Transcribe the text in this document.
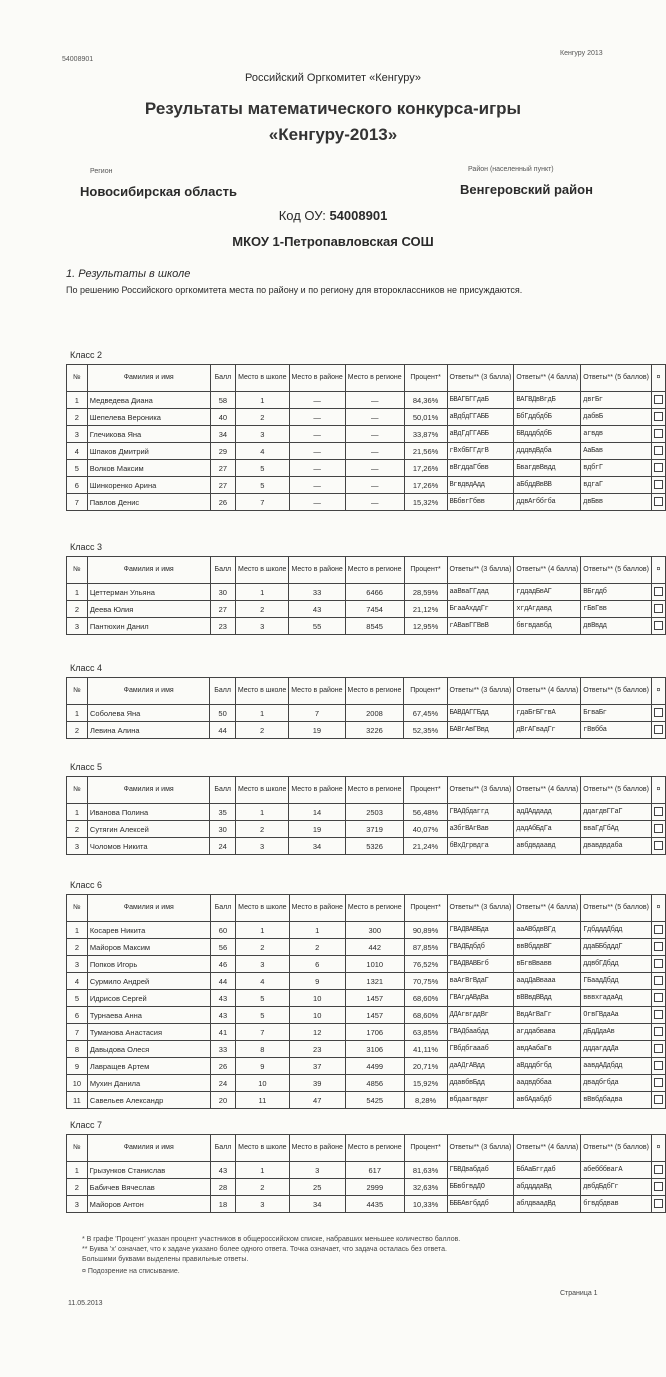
54008901
Кенгуру 2013
Российский Оргкомитет «Кенгуру»
Результаты математического конкурса-игры
«Кенгуру-2013»
Регион
Новосибирская область
Район (населенный пункт)
Венгеровский район
Код ОУ: 54008901
МКОУ 1-Петропавловская СОШ
1. Результаты в школе
По решению Российского оргкомитета места по району и по региону для второклассников не присуждаются.
Класс 2
№	Фамилия и имя	Балл	Место в школе	Место в районе	Место в регионе	Процент*	Ответы** (3 балла)	Ответы** (4 балла)	Ответы** (5 баллов)	¤
1	Медведева Диана	58	1	—	—	84,36%	БВАГБГГдаБ	ВАГВДвВгдБ	двгБг	
2	Шепелева Вероника	40	2	—	—	50,01%	аВдбдГГАББ	БбГддбдбБ	дабвБ	
3	Глечикова Яна	34	3	—	—	33,87%	аВдГдГГАББ	БВдддбдбБ	агвдв	
4	Шпаков Дмитрий	29	4	—	—	21,56%	гВхбБГГдгВ	дддвдВдба	АаБав	
5	Волков Максим	27	5	—	—	17,26%	вВгддаГбвв	БвагдвВвдд	вдбгГ	
6	Шинкоренко Арина	27	5	—	—	17,26%	ВгвдвдАдд	аБбддВвВВ	вдгаГ	
7	Павлов Денис	26	7	—	—	15,32%	ВБбвгГбвв	ддвАгббгба	двБвв	
Класс 3
№	Фамилия и имя	Балл	Место в школе	Место в районе	Место в регионе	Процент*	Ответы** (3 балла)	Ответы** (4 балла)	Ответы** (5 баллов)	¤
1	Цеттерман Ульяна	30	1	33	6466	28,59%	ааВваГГдад	гддадБвАГ	ВБгддб	
2	Деева Юлия	27	2	43	7454	21,12%	БгааАхддГг	хгдАгдавд	гБвГвв	
3	Пантюхин Данил	23	3	55	8545	12,95%	гАВавГГВвВ	бвгвдавбд	двВвдд	
Класс 4
№	Фамилия и имя	Балл	Место в школе	Место в районе	Место в регионе	Процент*	Ответы** (3 балла)	Ответы** (4 балла)	Ответы** (5 баллов)	¤
1	Соболева Яна	50	1	7	2008	67,45%	БАВДАГГБдд	гдаБгБГгвА	БгваБг	
2	Левина Алина	44	2	19	3226	52,35%	БАВгАвГВвд	дВгАГвадГг	гВвбба	
Класс 5
№	Фамилия и имя	Балл	Место в школе	Место в районе	Место в регионе	Процент*	Ответы** (3 балла)	Ответы** (4 балла)	Ответы** (5 баллов)	¤
1	Иванова Полина	35	1	14	2503	56,48%	ГВАДбдаггд	адДАддадд	ддагдвГГаГ	
2	Сутягин Алексей	30	2	19	3719	40,07%	аЗбгВАгВав	дадАбБдГа	вваГдГбАд	
3	Чоломов Никита	24	3	34	5326	21,24%	бВхДгрвдга	авбдвдаавд	двавдвдаба	
Класс 6
№	Фамилия и имя	Балл	Место в школе	Место в районе	Место в регионе	Процент*	Ответы** (3 балла)	Ответы** (4 балла)	Ответы** (5 баллов)	¤
1	Косарев Никита	60	1	1	300	90,89%	ГВАДВАВБда	ааАВбдвВГд	ГдбдддДбдд	
2	Майоров Максим	56	2	2	442	87,85%	ГВАДБдбдб	ввВбддвВГ	ддаББбдддГ	
3	Попков Игорь	46	3	6	1010	76,52%	ГВАДВАВБгб	вБгвВвавв	ддвбГДбдд	
4	Сурмило Андрей	44	4	9	1321	70,75%	ваАгВгВдаГ	аадДаВвааа	ГБаадДбдд	
5	Идрисов Сергей	43	5	10	1457	68,60%	ГВАгдАВдВа	вВВвдВВдд	вввхгадаАд	
6	Турнаева Анна	43	5	10	1457	68,60%	ДДАгвгддВг	ВвдАгВаГг	ОгвГВдаАа	
7	Туманова Анастасия	41	7	12	1706	63,85%	ГВАДбаабдд	агддабвава	дБдДдаАв	
8	Давыдова Олеся	33	8	23	3106	41,11%	ГВбдбгаааб	авдАабаГв	дддагддДа	
9	Лавращев Артем	26	9	37	4499	20,71%	даАДгАВдд	аВдддбгбд	аавдАДдбдд	
10	Мухин Данила	24	10	39	4856	15,92%	ддавбвБдд	аадвдббаа	двадбгбда	
11	Савельев Александр	20	11	47	5425	8,28%	вбдаагвдвг	авбАдабдб	вВвбдбадва	
Класс 7
№	Фамилия и имя	Балл	Место в школе	Место в районе	Место в регионе	Процент*	Ответы** (3 балла)	Ответы** (4 балла)	Ответы** (5 баллов)	¤
1	Грызунков Станислав	43	1	3	617	81,63%	ГБВДвабдаб	БбАаБггдаб	абебббвагА	
2	Бабичев Вячеслав	28	2	25	2999	32,63%	ББвбгвдДО	абддддаВд	двбдБдбГг	
3	Майоров Антон	18	3	34	4435	10,33%	БББАвгбддб	аблдваадВд	бгвдбдвав	
* В графе 'Процент' указан процент участников в общероссийском списке, набравших меньшее количество баллов.
** Буква 'х' означает, что к задаче указано более одного ответа. Точка означает, что задача осталась без ответа.
Большими буквами выделены правильные ответы.
¤ Подозрение на списывание.
11.05.2013
Страница 1
